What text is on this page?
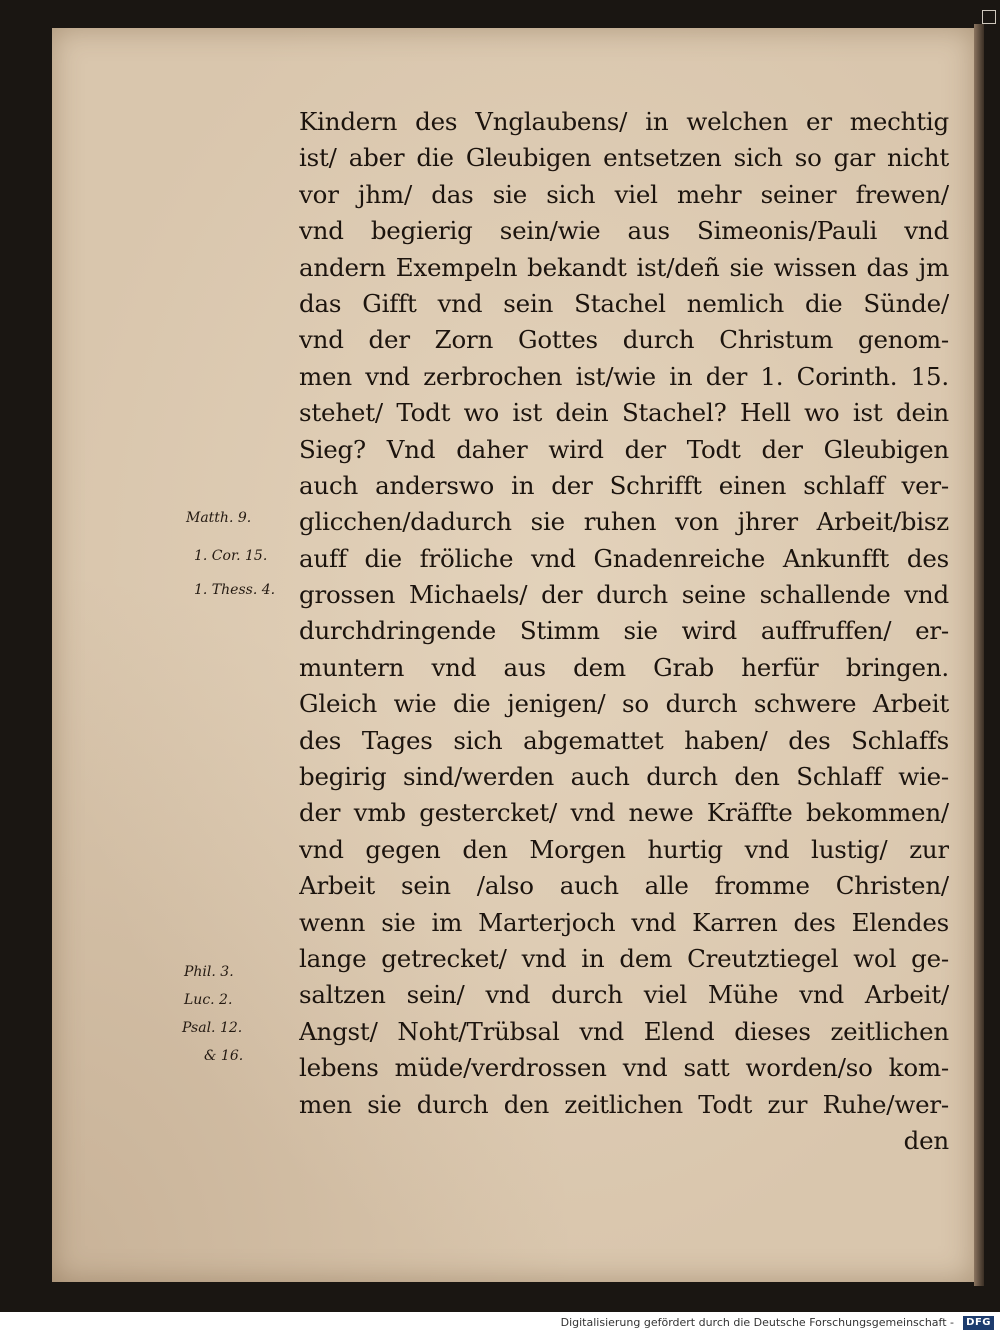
Kindern des Vnglaubens/ in welchen er mechtig
ist/ aber die Gleubigen entsetzen sich so gar nicht
vor jhm/ das sie sich viel mehr seiner frewen/
vnd begierig sein/wie aus Simeonis/Pauli vnd
andern Exempeln bekandt ist/deñ sie wissen das jm
das Gifft vnd sein Stachel nemlich die Sünde/
vnd der Zorn Gottes durch Christum genom-
men vnd zerbrochen ist/wie in der 1. Corinth. 15.
stehet/ Todt wo ist dein Stachel? Hell wo ist dein
Sieg? Vnd daher wird der Todt der Gleubigen
auch anderswo in der Schrifft einen schlaff ver-
glicchen/dadurch sie ruhen von jhrer Arbeit/bisz
auff die fröliche vnd Gnadenreiche Ankunfft des
grossen Michaels/ der durch seine schallende vnd
durchdringende Stimm sie wird auffruffen/ er-
muntern vnd aus dem Grab herfür bringen.
Gleich wie die jenigen/ so durch schwere Arbeit
des Tages sich abgemattet haben/ des Schlaffs
begirig sind/werden auch durch den Schlaff wie-
der vmb gestercket/ vnd newe Kräffte bekommen/
vnd gegen den Morgen hurtig vnd lustig/ zur
Arbeit sein /also auch alle fromme Christen/
wenn sie im Marterjoch vnd Karren des Elendes
lange getrecket/ vnd in dem Creutztiegel wol ge-
saltzen sein/ vnd durch viel Mühe vnd Arbeit/
Angst/ Noht/Trübsal vnd Elend dieses zeitlichen
lebens müde/verdrossen vnd satt worden/so kom-
men sie durch den zeitlichen Todt zur Ruhe/wer-
den
Matth. 9.
1. Cor. 15.
1. Thess. 4.
Phil. 3.
Luc. 2.
Psal. 12.
& 16.
Digitalisierung gefördert durch die Deutsche Forschungsgemeinschaft -	DFG
